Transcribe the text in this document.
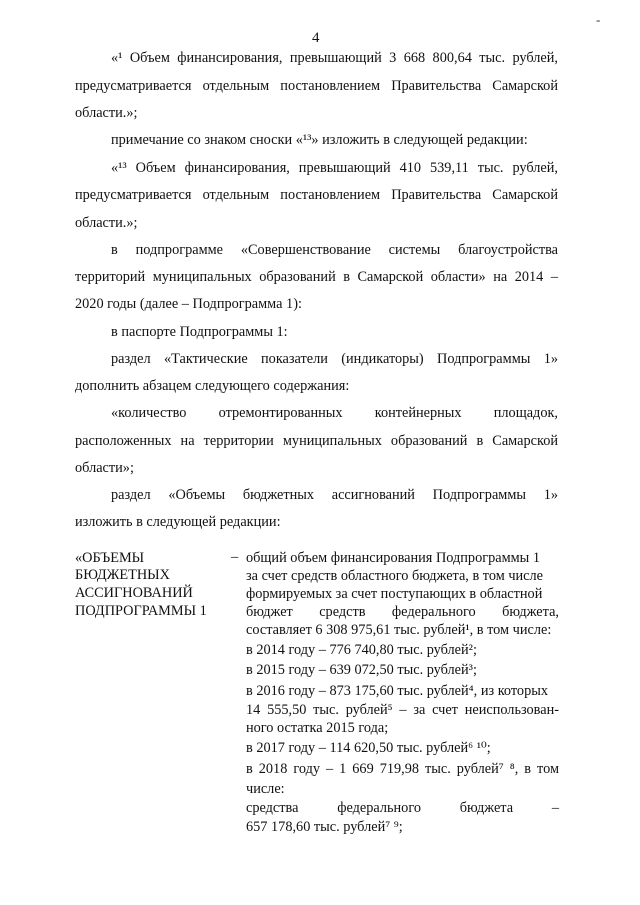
4
-
«¹ Объем финансирования, превышающий 3 668 800,64 тыс. рублей,
предусматривается отдельным постановлением Правительства Самарской
области.»;
примечание со знаком сноски «¹³» изложить в следующей редакции:
«¹³ Объем финансирования, превышающий 410 539,11 тыс. рублей,
предусматривается отдельным постановлением Правительства Самарской
области.»;
в подпрограмме «Совершенствование системы благоустройства
территорий муниципальных образований в Самарской области» на 2014 –
2020 годы (далее – Подпрограмма 1):
в паспорте Подпрограммы 1:
раздел «Тактические показатели (индикаторы) Подпрограммы 1»
дополнить абзацем следующего содержания:
«количество отремонтированных контейнерных площадок,
расположенных на территории муниципальных образований в Самарской
области»;
раздел «Объемы бюджетных ассигнований Подпрограммы 1»
изложить в следующей редакции:
«ОБЪЕМЫ
БЮДЖЕТНЫХ
АССИГНОВАНИЙ
ПОДПРОГРАММЫ 1
– общий объем финансирования Подпрограммы 1
за счет средств областного бюджета, в том числе
формируемых за счет поступающих в областной
бюджет средств федерального бюджета,
составляет 6 308 975,61 тыс. рублей¹, в том числе:
в 2014 году – 776 740,80 тыс. рублей²;
в 2015 году – 639 072,50 тыс. рублей³;
в 2016 году – 873 175,60 тыс. рублей⁴, из которых
14 555,50 тыс. рублей⁵ – за счет неиспользован-
ного остатка 2015 года;
в 2017 году – 114 620,50 тыс. рублей⁶ ¹⁰;
в 2018 году – 1 669 719,98 тыс. рублей⁷ ⁸, в том
числе:
средства федерального бюджета –
657 178,60 тыс. рублей⁷ ⁹;
